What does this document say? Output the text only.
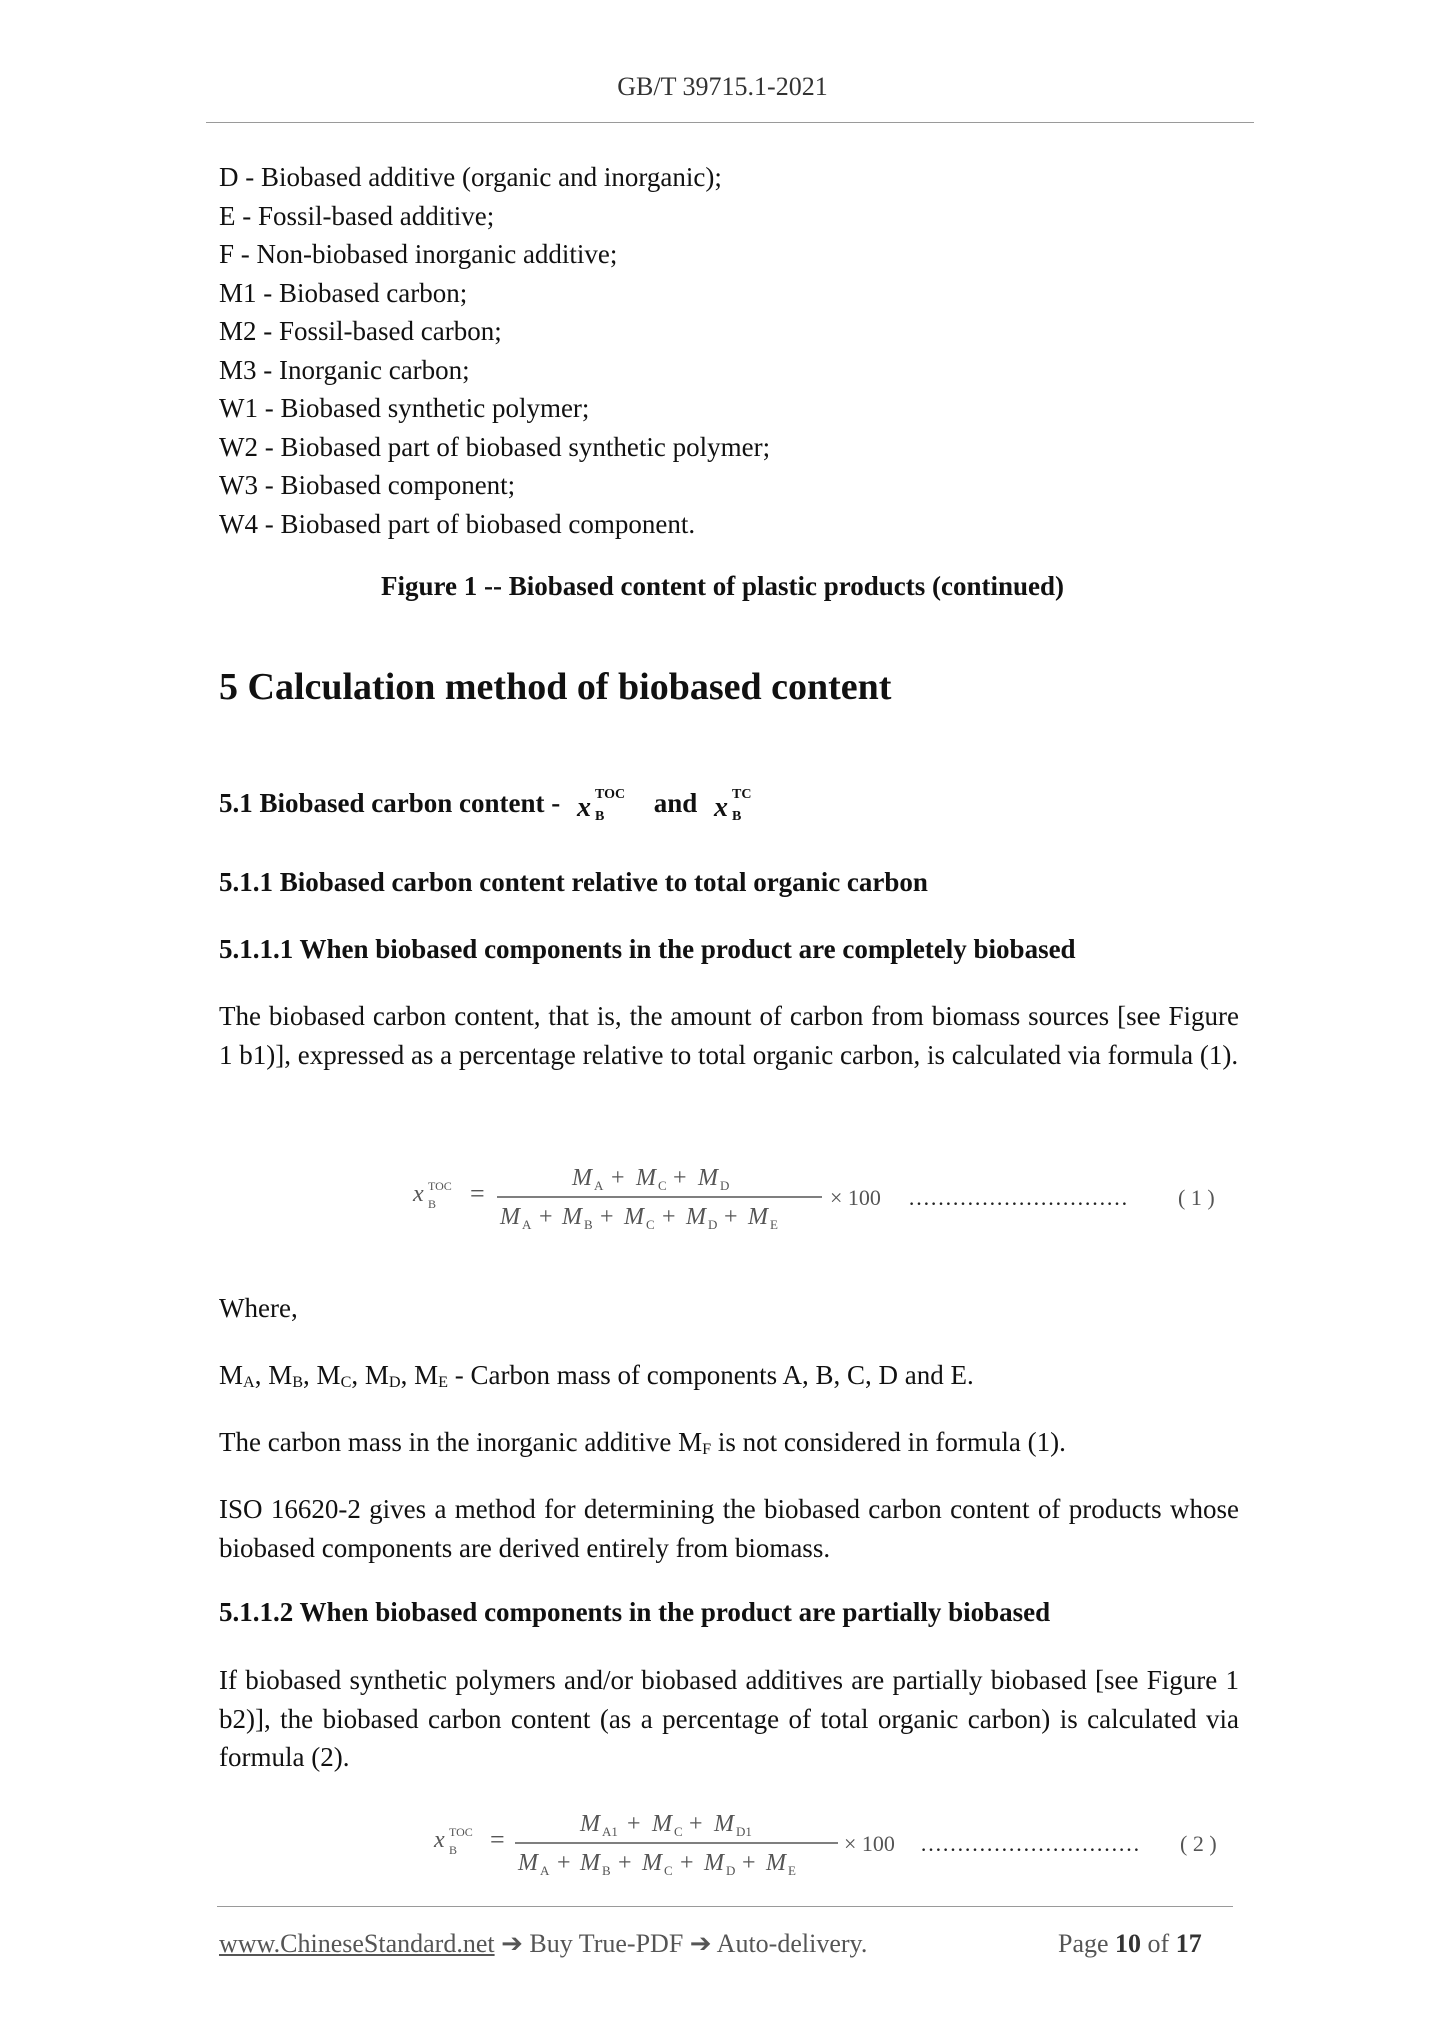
GB/T 39715.1-2021
D - Biobased additive (organic and inorganic);
E - Fossil-based additive;
F - Non-biobased inorganic additive;
M1 - Biobased carbon;
M2 - Fossil-based carbon;
M3 - Inorganic carbon;
W1 - Biobased synthetic polymer;
W2 - Biobased part of biobased synthetic polymer;
W3 - Biobased component;
W4 - Biobased part of biobased component.
Figure 1 -- Biobased content of plastic products (continued)
5 Calculation method of biobased content
5.1 Biobased carbon content - x B
TOC and x B
TC
5.1.1 Biobased carbon content relative to total organic carbon
5.1.1.1 When biobased components in the product are completely biobased
The biobased carbon content, that is, the amount of carbon from biomass sources [see Figure 1 b1)], expressed as a percentage relative to total organic carbon, is calculated via formula (1).
x B
TOC =
M A + M C + M D
M A + M B + M C + M D + M E
× 100 ………………………… ( 1 )
Where,
$M_A$, $M_B$, $M_C$, $M_D$, $M_E$ - Carbon mass of components A, B, C, D and E.
The carbon mass in the inorganic additive $M_F$ is not considered in formula (1).
ISO 16620-2 gives a method for determining the biobased carbon content of products whose biobased components are derived entirely from biomass.
5.1.1.2 When biobased components in the product are partially biobased
If biobased synthetic polymers and/or biobased additives are partially biobased [see Figure 1 b2)], the biobased carbon content (as a percentage of total organic carbon) is calculated via formula (2).
x B
TOC =
M A1 + M C + M D1
M A + M B + M C + M D + M E
× 100 ………………………… ( 2 )
www.ChineseStandard.net ➔ Buy True-PDF ➔ Auto-delivery.	Page 10 of 17
